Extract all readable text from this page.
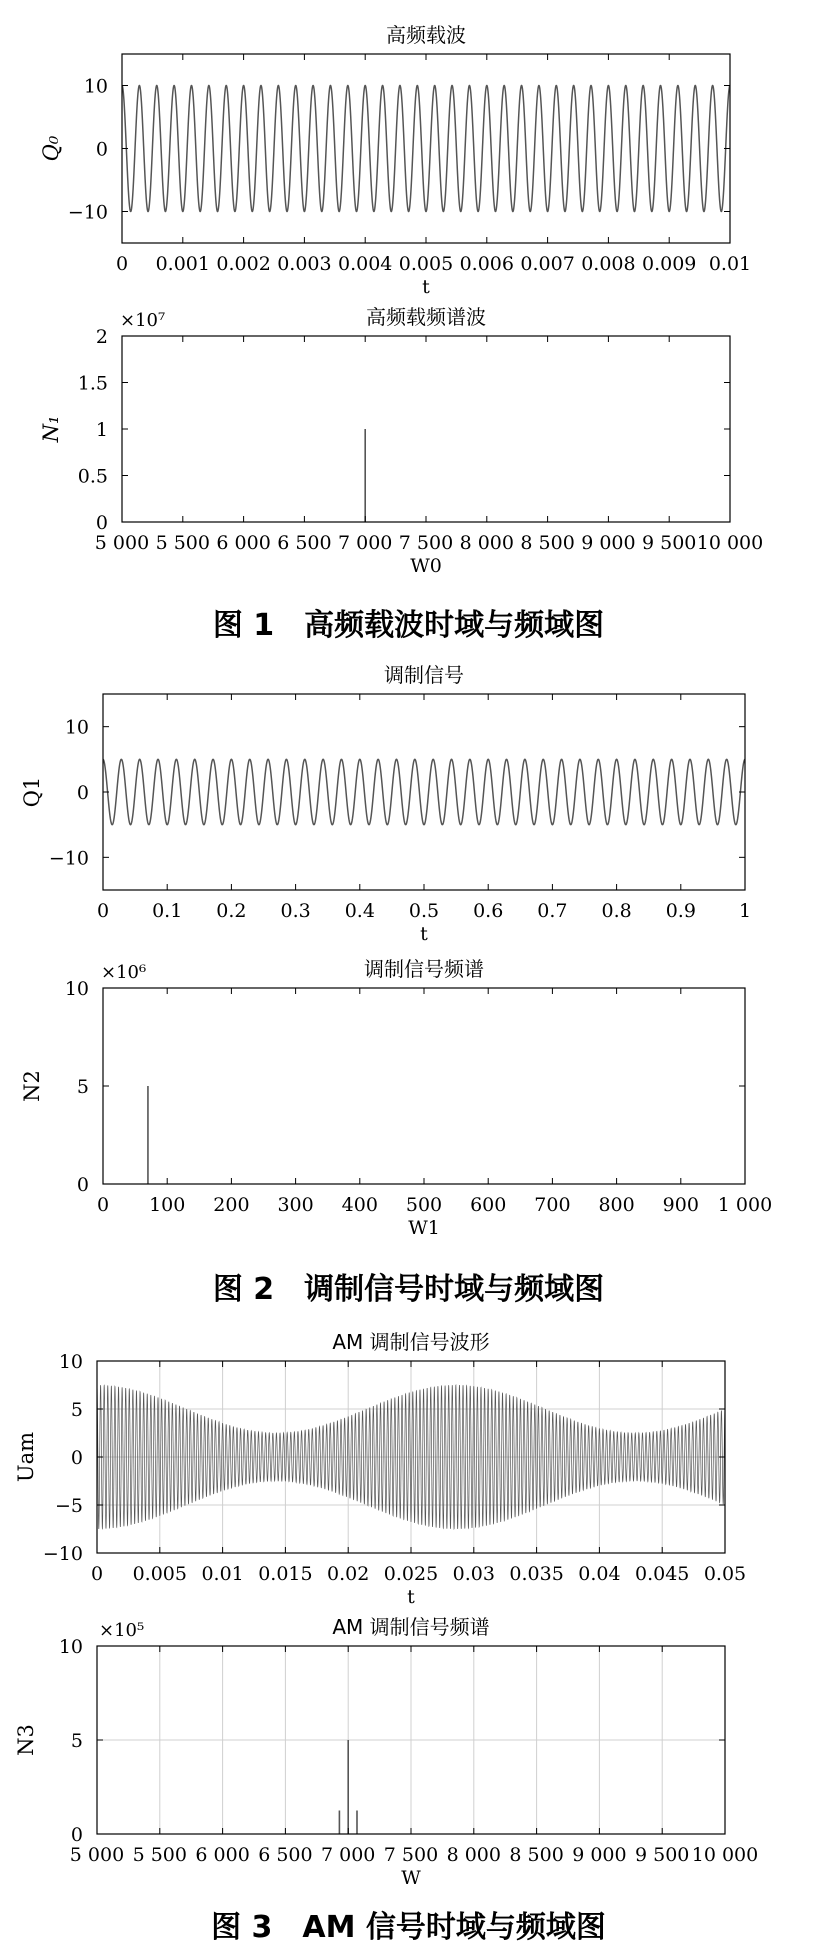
0 0.001 0.002 0.003 0.004 0.005 0.006 0.007 0.008 0.009 0.01
−10
0
10
高频载波
t
Q₀
5 000 5 500 6 000 6 500 7 000 7 500 8 000 8 500 9 000 9 500 10 000
0
0.5
1
1.5
2
高频载频谱波
W0
N₁
×10⁷
0 0.1 0.2 0.3 0.4 0.5 0.6 0.7 0.8 0.9 1
−10
0
10
调制信号
t
Q1
0 100 200 300 400 500 600 700 800 900 1 000
0
5
10
调制信号频谱
W1
N2
×10⁶
0 0.005 0.01 0.015 0.02 0.025 0.03 0.035 0.04 0.045 0.05
−10
−5
0
5
10
AM 调制信号波形
t
Uam
5 000 5 500 6 000 6 500 7 000 7 500 8 000 8 500 9 000 9 500 10 000
0
5
10
AM 调制信号频谱
W
N3
×10⁵
图 1　高频载波时域与频域图
图 2　调制信号时域与频域图
图 3　AM 信号时域与频域图
